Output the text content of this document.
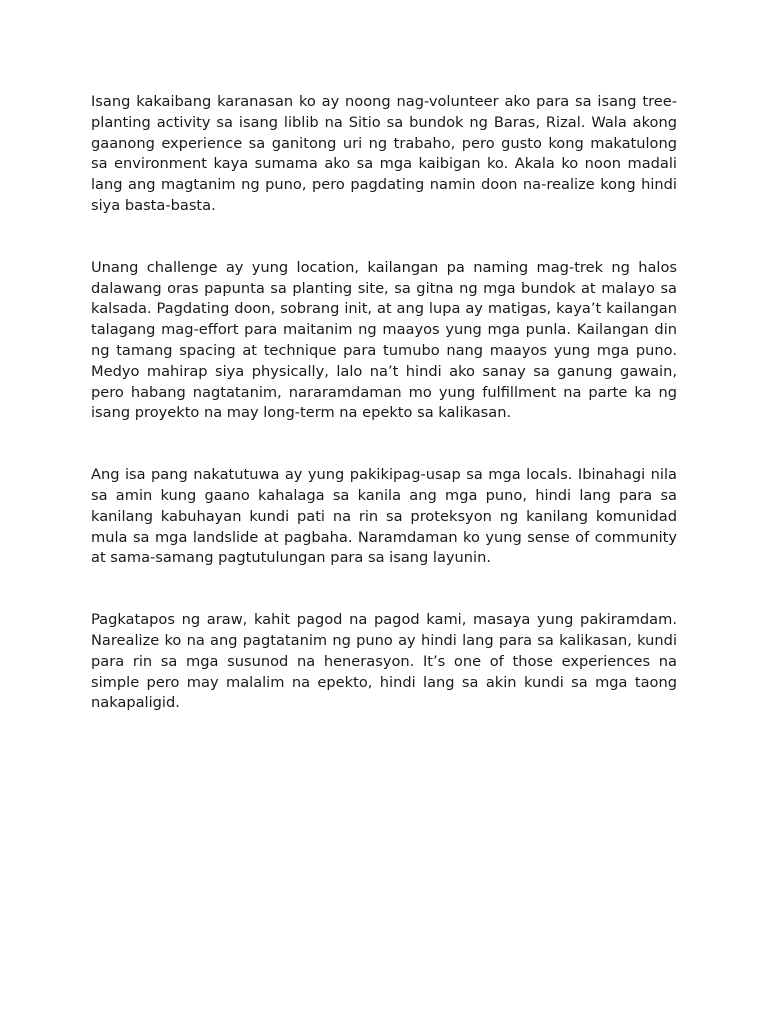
Isang kakaibang karanasan ko ay noong nag-volunteer ako para sa isang tree-planting activity sa isang liblib na Sitio sa bundok ng Baras, Rizal. Wala akong gaanong experience sa ganitong uri ng trabaho, pero gusto kong makatulong sa environment kaya sumama ako sa mga kaibigan ko. Akala ko noon madali lang ang magtanim ng puno, pero pagdating namin doon na-realize kong hindi siya basta-basta.

Unang challenge ay yung location, kailangan pa naming mag-trek ng halos dalawang oras papunta sa planting site, sa gitna ng mga bundok at malayo sa kalsada. Pagdating doon, sobrang init, at ang lupa ay matigas, kaya’t kailangan talagang mag-effort para maitanim ng maayos yung mga punla. Kailangan din ng tamang spacing at technique para tumubo nang maayos yung mga puno. Medyo mahirap siya physically, lalo na’t hindi ako sanay sa ganung gawain, pero habang nagtatanim, nararamdaman mo yung fulfillment na parte ka ng isang proyekto na may long-term na epekto sa kalikasan.

Ang isa pang nakatutuwa ay yung pakikipag-usap sa mga locals. Ibinahagi nila sa amin kung gaano kahalaga sa kanila ang mga puno, hindi lang para sa kanilang kabuhayan kundi pati na rin sa proteksyon ng kanilang komunidad mula sa mga landslide at pagbaha. Naramdaman ko yung sense of community at sama-samang pagtutulungan para sa isang layunin.

Pagkatapos ng araw, kahit pagod na pagod kami, masaya yung pakiramdam. Narealize ko na ang pagtatanim ng puno ay hindi lang para sa kalikasan, kundi para rin sa mga susunod na henerasyon. It’s one of those experiences na simple pero may malalim na epekto, hindi lang sa akin kundi sa mga taong nakapaligid.
